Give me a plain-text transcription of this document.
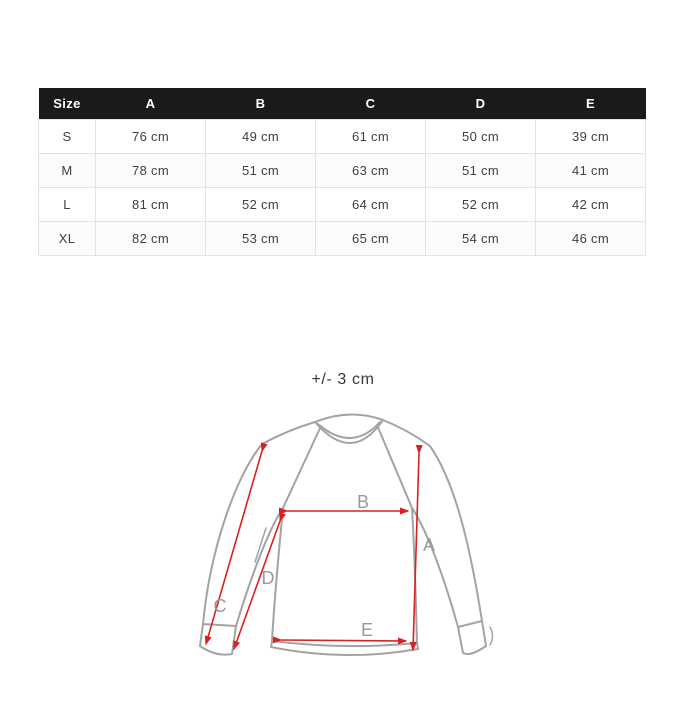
Size	A	B	C	D	E
S	76 cm	49 cm	61 cm	50 cm	39 cm
M	78 cm	51 cm	63 cm	51 cm	41 cm
L	81 cm	52 cm	64 cm	52 cm	42 cm
XL	82 cm	53 cm	65 cm	54 cm	46 cm
+/- 3 cm
B
A
D
C
E
